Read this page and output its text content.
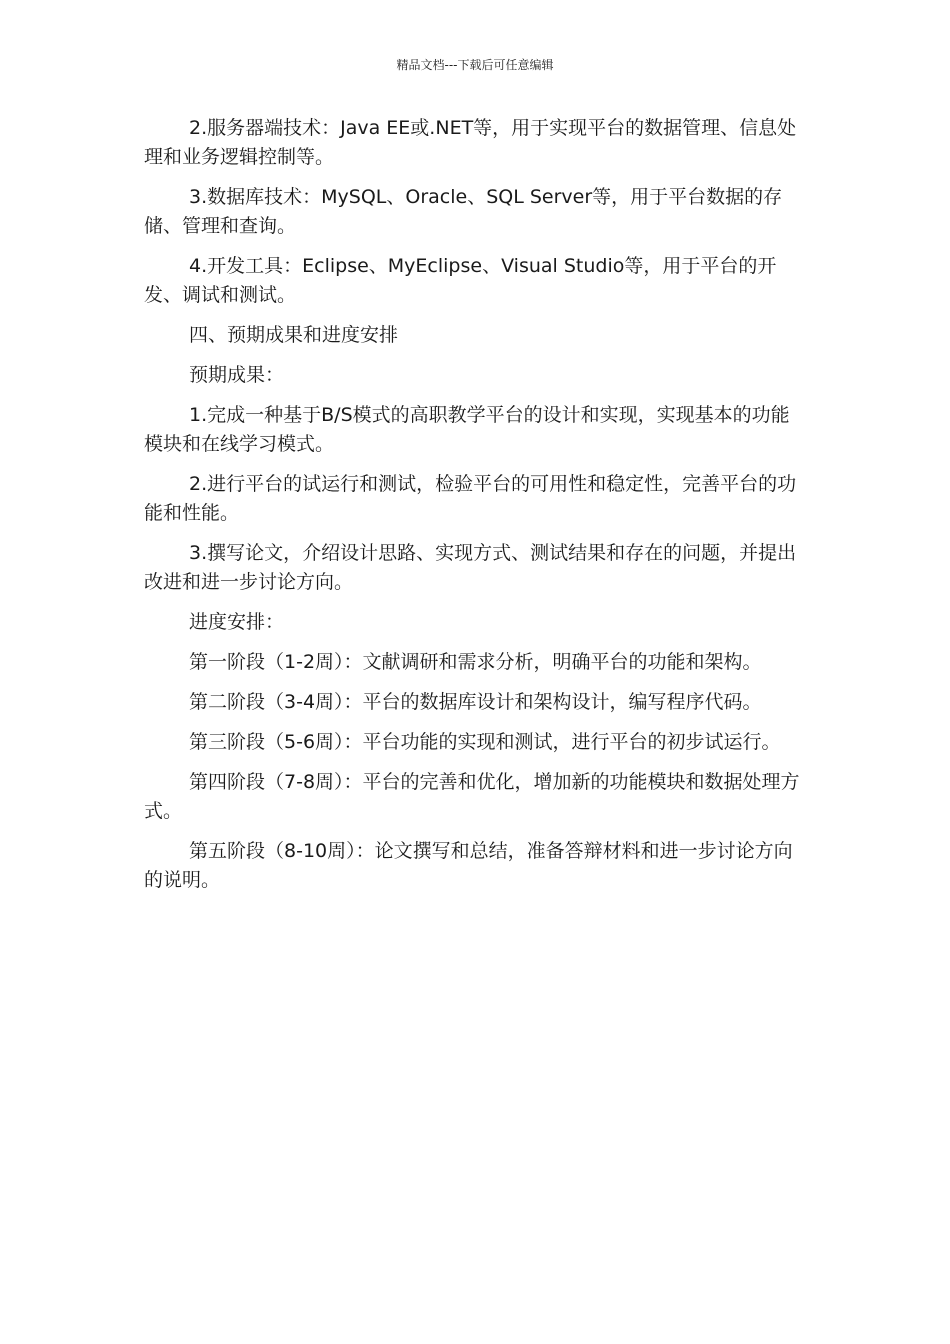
精品文档---下载后可任意编辑

2.服务器端技术：Java EE或.NET等，用于实现平台的数据管理、信息处理和业务逻辑控制等。

3.数据库技术：MySQL、Oracle、SQL Server等，用于平台数据的存储、管理和查询。

4.开发工具：Eclipse、MyEclipse、Visual Studio等，用于平台的开发、调试和测试。

四、预期成果和进度安排

预期成果：

1.完成一种基于B/S模式的高职教学平台的设计和实现，实现基本的功能模块和在线学习模式。

2.进行平台的试运行和测试，检验平台的可用性和稳定性，完善平台的功能和性能。

3.撰写论文，介绍设计思路、实现方式、测试结果和存在的问题，并提出改进和进一步讨论方向。

进度安排：

第一阶段（1-2周）：文献调研和需求分析，明确平台的功能和架构。

第二阶段（3-4周）：平台的数据库设计和架构设计，编写程序代码。

第三阶段（5-6周）：平台功能的实现和测试，进行平台的初步试运行。

第四阶段（7-8周）：平台的完善和优化，增加新的功能模块和数据处理方式。

第五阶段（8-10周）：论文撰写和总结，准备答辩材料和进一步讨论方向的说明。
